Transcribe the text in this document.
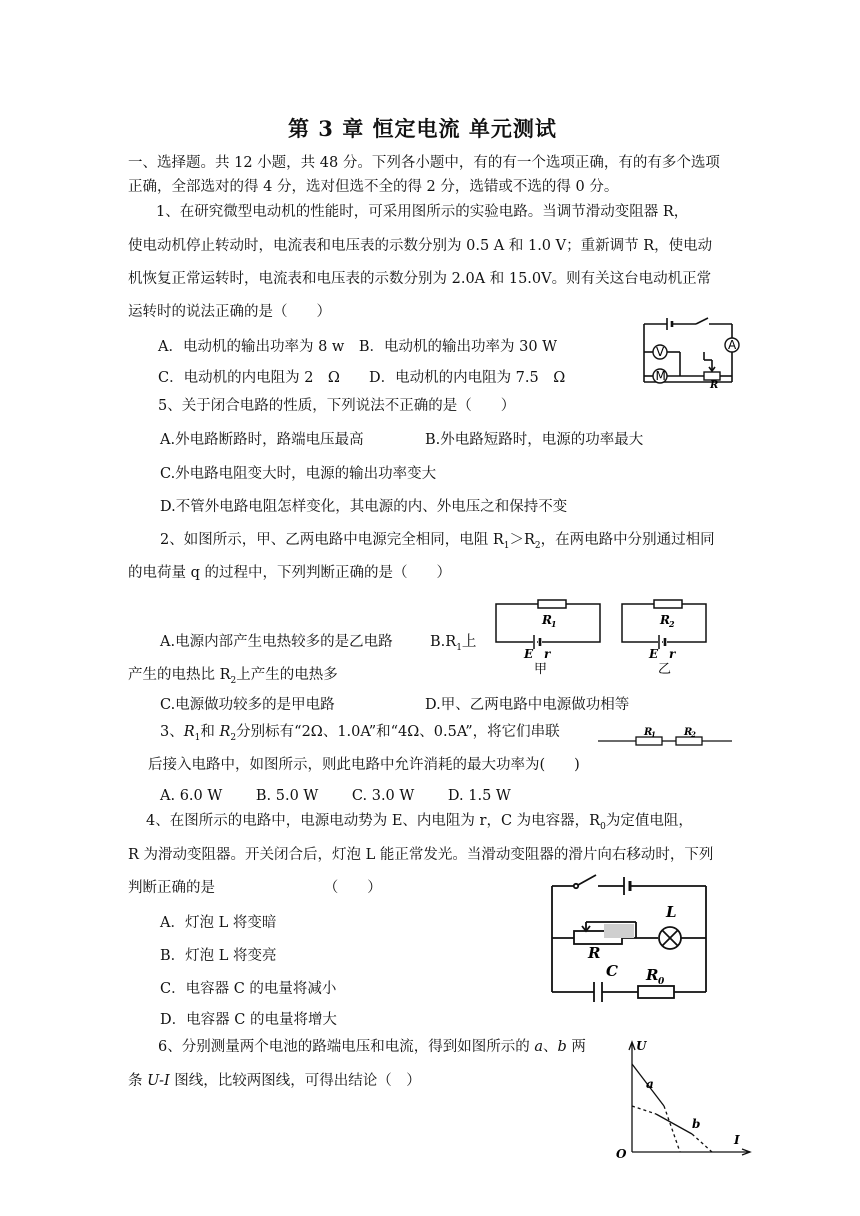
第 3 章 恒定电流 单元测试
一、选择题。共 12 小题，共 48 分。下列各小题中，有的有一个选项正确，有的有多个选项
正确，全部选对的得 4 分，选对但选不全的得 2 分，选错或不选的得 0 分。
1、在研究微型电动机的性能时，可采用图所示的实验电路。当调节滑动变阻器 R，
使电动机停止转动时，电流表和电压表的示数分别为 0.5 A 和 1.0 V；重新调节 R，使电动
机恢复正常运转时，电流表和电压表的示数分别为 2.0A 和 15.0V。则有关这台电动机正常
运转时的说法正确的是（　　）
A．电动机的输出功率为 8 w　B．电动机的输出功率为 30 W
C．电动机的内电阻为 2　Ω　　D．电动机的内电阻为 7.5　Ω
V
M
A
R
5、关于闭合电路的性质，下列说法不正确的是（　　）
A.外电路断路时，路端电压最高	B.外电路短路时，电源的功率最大
C.外电路电阻变大时，电源的输出功率变大
D.不管外电路电阻怎样变化，其电源的内、外电压之和保持不变
2、如图所示，甲、乙两电路中电源完全相同，电阻 $R_1>R_2$，在两电路中分别通过相同
的电荷量 q 的过程中，下列判断正确的是（　　）
A.电源内部产生电热较多的是乙电路	$B.R_1$上
产生的电热比 $R_2$上产生的电热多
C.电源做功较多的是甲电路	D.甲、乙两电路中电源做功相等
R 1	R 2
E r	E r
甲	乙
3、$R_1$和 $R_2$分别标有“2Ω、1.0A”和“4Ω、0.5A”，将它们串联
后接入电路中，如图所示，则此电路中允许消耗的最大功率为(　　)
A. 6.0 W　　 B. 5.0 W　　 C. 3.0 W　　 D. 1.5 W
R
1	R
2
4、在图所示的电路中，电源电动势为 E、内电阻为 r，C 为电容器，$R_0$为定值电阻，
R 为滑动变阻器。开关闭合后，灯泡 L 能正常发光。当滑动变阻器的滑片向右移动时，下列
判断正确的是　　　　　　　　（　　）
A．灯泡 L 将变暗
B．灯泡 L 将变亮
C．电容器 C 的电量将减小
D．电容器 C 的电量将增大
L
R
C R 0
6、分别测量两个电池的路端电压和电流，得到如图所示的 a、b 两
条 U-I 图线，比较两图线，可得出结论（　）
U
I
O
a
b
